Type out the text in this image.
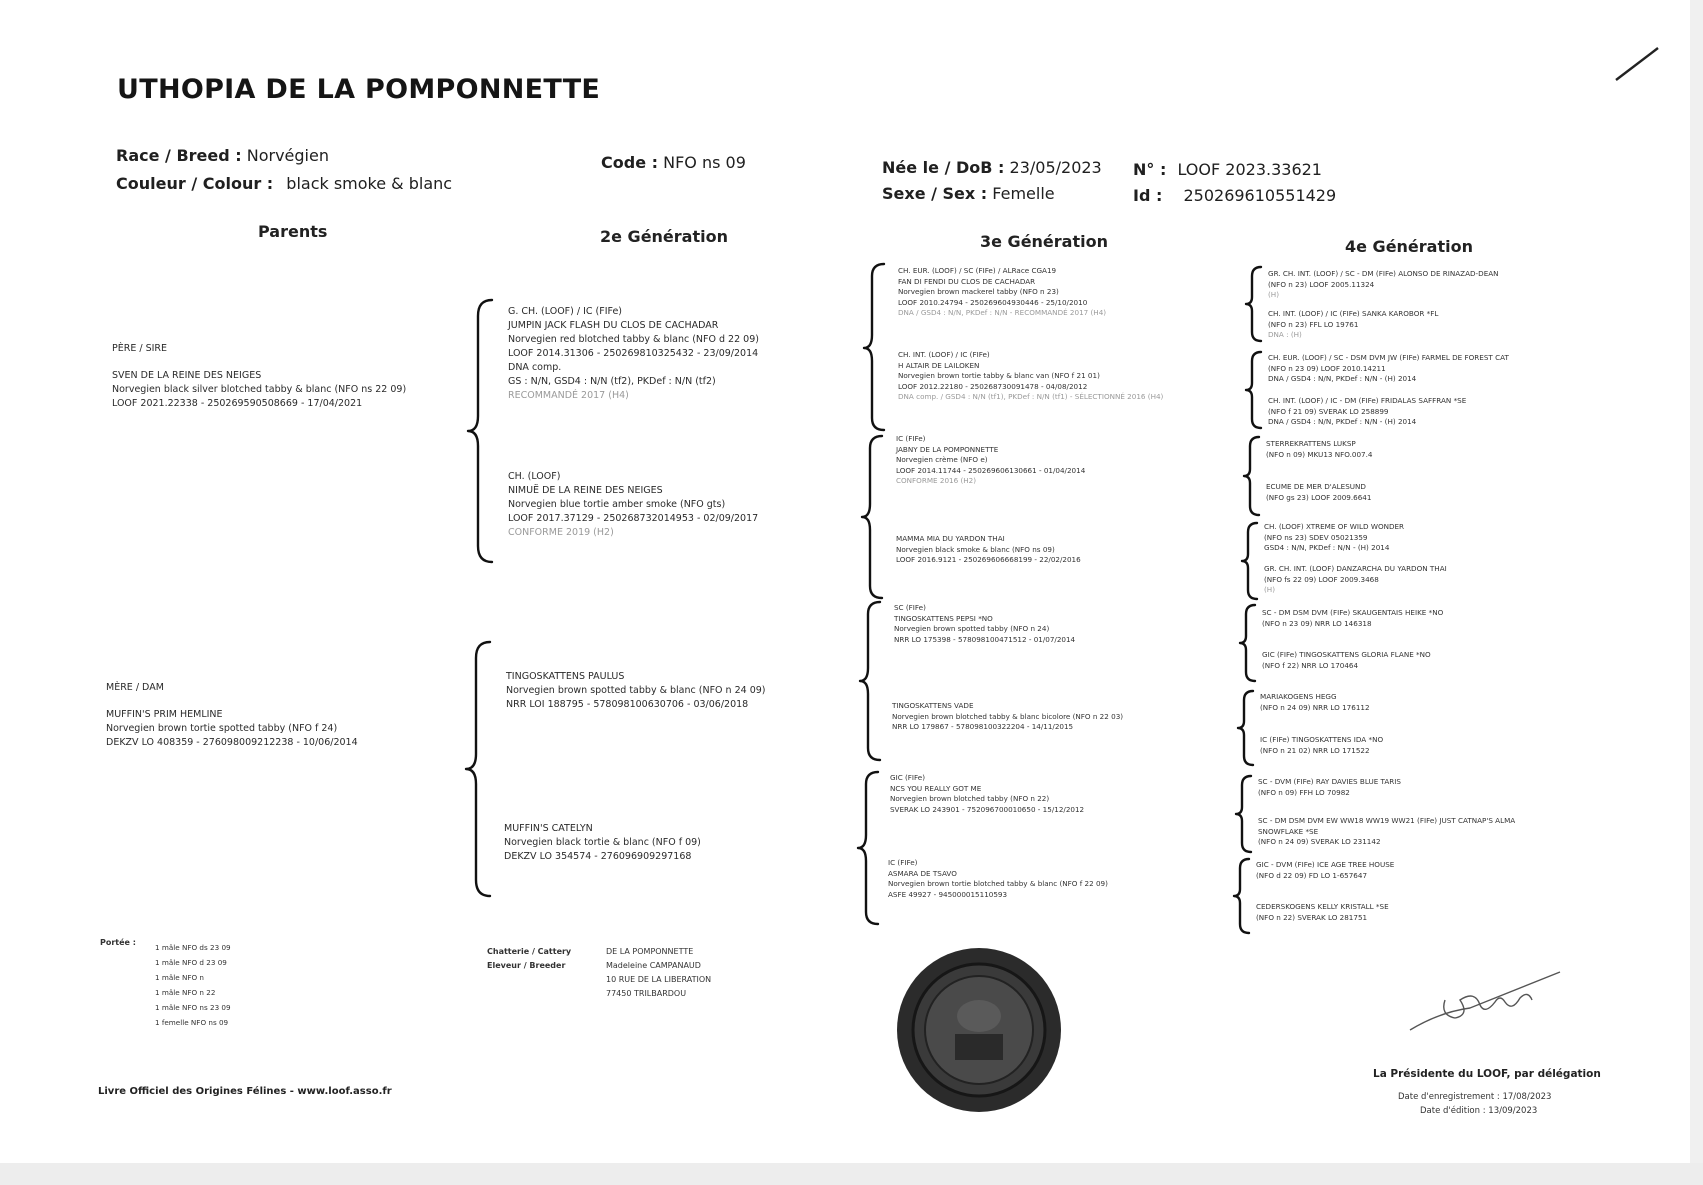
UTHOPIA DE LA POMPONNETTE
Race / Breed : Norvégien
Couleur / Colour : black smoke & blanc
Code : NFO ns 09	Née le / DoB : 23/05/2023
Sexe / Sex : Femelle
N° : LOOF 2023.33621
Id : 250269610551429
Parents	2e Génération	3e Génération	4e Génération
PÈRE / SIRE
SVEN DE LA REINE DES NEIGES
Norvegien black silver blotched tabby & blanc (NFO ns 22 09)
LOOF 2021.22338 - 250269590508669 - 17/04/2021
MÈRE / DAM
MUFFIN'S PRIM HEMLINE
Norvegien brown tortie spotted tabby (NFO f 24)
DEKZV LO 408359 - 276098009212238 - 10/06/2014
G. CH. (LOOF) / IC (FIFe)
JUMPIN JACK FLASH DU CLOS DE CACHADAR
Norvegien red blotched tabby & blanc (NFO d 22 09)
LOOF 2014.31306 - 250269810325432 - 23/09/2014
DNA comp.
GS : N/N, GSD4 : N/N (tf2), PKDef : N/N (tf2)
RECOMMANDÉ 2017 (H4)
CH. (LOOF)
NIMUË DE LA REINE DES NEIGES
Norvegien blue tortie amber smoke (NFO gts)
LOOF 2017.37129 - 250268732014953 - 02/09/2017
CONFORME 2019 (H2)
TINGOSKATTENS PAULUS
Norvegien brown spotted tabby & blanc (NFO n 24 09)
NRR LOI 188795 - 578098100630706 - 03/06/2018
MUFFIN'S CATELYN
Norvegien black tortie & blanc (NFO f 09)
DEKZV LO 354574 - 276096909297168
CH. EUR. (LOOF) / SC (FIFe) / ALRace CGA19
FAN DI FENDI DU CLOS DE CACHADAR
Norvegien brown mackerel tabby (NFO n 23)
LOOF 2010.24794 - 250269604930446 - 25/10/2010
DNA / GSD4 : N/N, PKDef : N/N - RECOMMANDÉ 2017 (H4)
CH. INT. (LOOF) / IC (FIFe)
H ALTAIR DE LAILOKEN
Norvegien brown tortie tabby & blanc van (NFO f 21 01)
LOOF 2012.22180 - 250268730091478 - 04/08/2012
DNA comp. / GSD4 : N/N (tf1), PKDef : N/N (tf1) - SÉLECTIONNÉ 2016 (H4)
IC (FIFe)
JABNY DE LA POMPONNETTE
Norvegien crème (NFO e)
LOOF 2014.11744 - 250269606130661 - 01/04/2014
CONFORME 2016 (H2)
MAMMA MIA DU YARDON THAI
Norvegien black smoke & blanc (NFO ns 09)
LOOF 2016.9121 - 250269606668199 - 22/02/2016
SC (FIFe)
TINGOSKATTENS PEPSI *NO
Norvegien brown spotted tabby (NFO n 24)
NRR LO 175398 - 578098100471512 - 01/07/2014
TINGOSKATTENS VADE
Norvegien brown blotched tabby & blanc bicolore (NFO n 22 03)
NRR LO 179867 - 578098100322204 - 14/11/2015
GIC (FIFe)
NCS YOU REALLY GOT ME
Norvegien brown blotched tabby (NFO n 22)
SVERAK LO 243901 - 752096700010650 - 15/12/2012
IC (FIFe)
ASMARA DE TSAVO
Norvegien brown tortie blotched tabby & blanc (NFO f 22 09)
ASFE 49927 - 945000015110593
GR. CH. INT. (LOOF) / SC - DM (FIFe) ALONSO DE RINAZAD-DEAN
(NFO n 23) LOOF 2005.11324
(H)
CH. INT. (LOOF) / IC (FIFe) SANKA KAROBOR *FL
(NFO n 23) FFL LO 19761
DNA : (H)
CH. EUR. (LOOF) / SC - DSM DVM JW (FIFe) FARMEL DE FOREST CAT
(NFO n 23 09) LOOF 2010.14211
DNA / GSD4 : N/N, PKDef : N/N - (H) 2014
CH. INT. (LOOF) / IC - DM (FIFe) FRIDALAS SAFFRAN *SE
(NFO f 21 09) SVERAK LO 258899
DNA / GSD4 : N/N, PKDef : N/N - (H) 2014
STERREKRATTENS LUKSP
(NFO n 09) MKU13 NFO.007.4
ECUME DE MER D'ALESUND
(NFO gs 23) LOOF 2009.6641
CH. (LOOF) XTREME OF WILD WONDER
(NFO ns 23) SDEV 05021359
GSD4 : N/N, PKDef : N/N - (H) 2014
GR. CH. INT. (LOOF) DANZARCHA DU YARDON THAI
(NFO fs 22 09) LOOF 2009.3468
(H)
SC - DM DSM DVM (FIFe) SKAUGENTAIS HEIKE *NO
(NFO n 23 09) NRR LO 146318
GIC (FIFe) TINGOSKATTENS GLORIA FLANE *NO
(NFO f 22) NRR LO 170464
MARIAKOGENS HEGG
(NFO n 24 09) NRR LO 176112
IC (FIFe) TINGOSKATTENS IDA *NO
(NFO n 21 02) NRR LO 171522
SC - DVM (FIFe) RAY DAVIES BLUE TARIS
(NFO n 09) FFH LO 70982
SC - DM DSM DVM EW WW18 WW19 WW21 (FIFe) JUST CATNAP'S ALMA
SNOWFLAKE *SE
(NFO n 24 09) SVERAK LO 231142
GIC - DVM (FIFe) ICE AGE TREE HOUSE
(NFO d 22 09) FD LO 1-657647
CEDERSKOGENS KELLY KRISTALL *SE
(NFO n 22) SVERAK LO 281751
Portée :
1 mâle NFO ds 23 09
1 mâle NFO d 23 09
1 mâle NFO n
1 mâle NFO n 22
1 mâle NFO ns 23 09
1 femelle NFO ns 09
Chatterie / Cattery
Eleveur / Breeder
DE LA POMPONNETTE
Madeleine CAMPANAUD
10 RUE DE LA LIBERATION
77450 TRILBARDOU
Livre Officiel des Origines Félines - www.loof.asso.fr
La Présidente du LOOF, par délégation
Date d'enregistrement : 17/08/2023
Date d'édition : 13/09/2023
